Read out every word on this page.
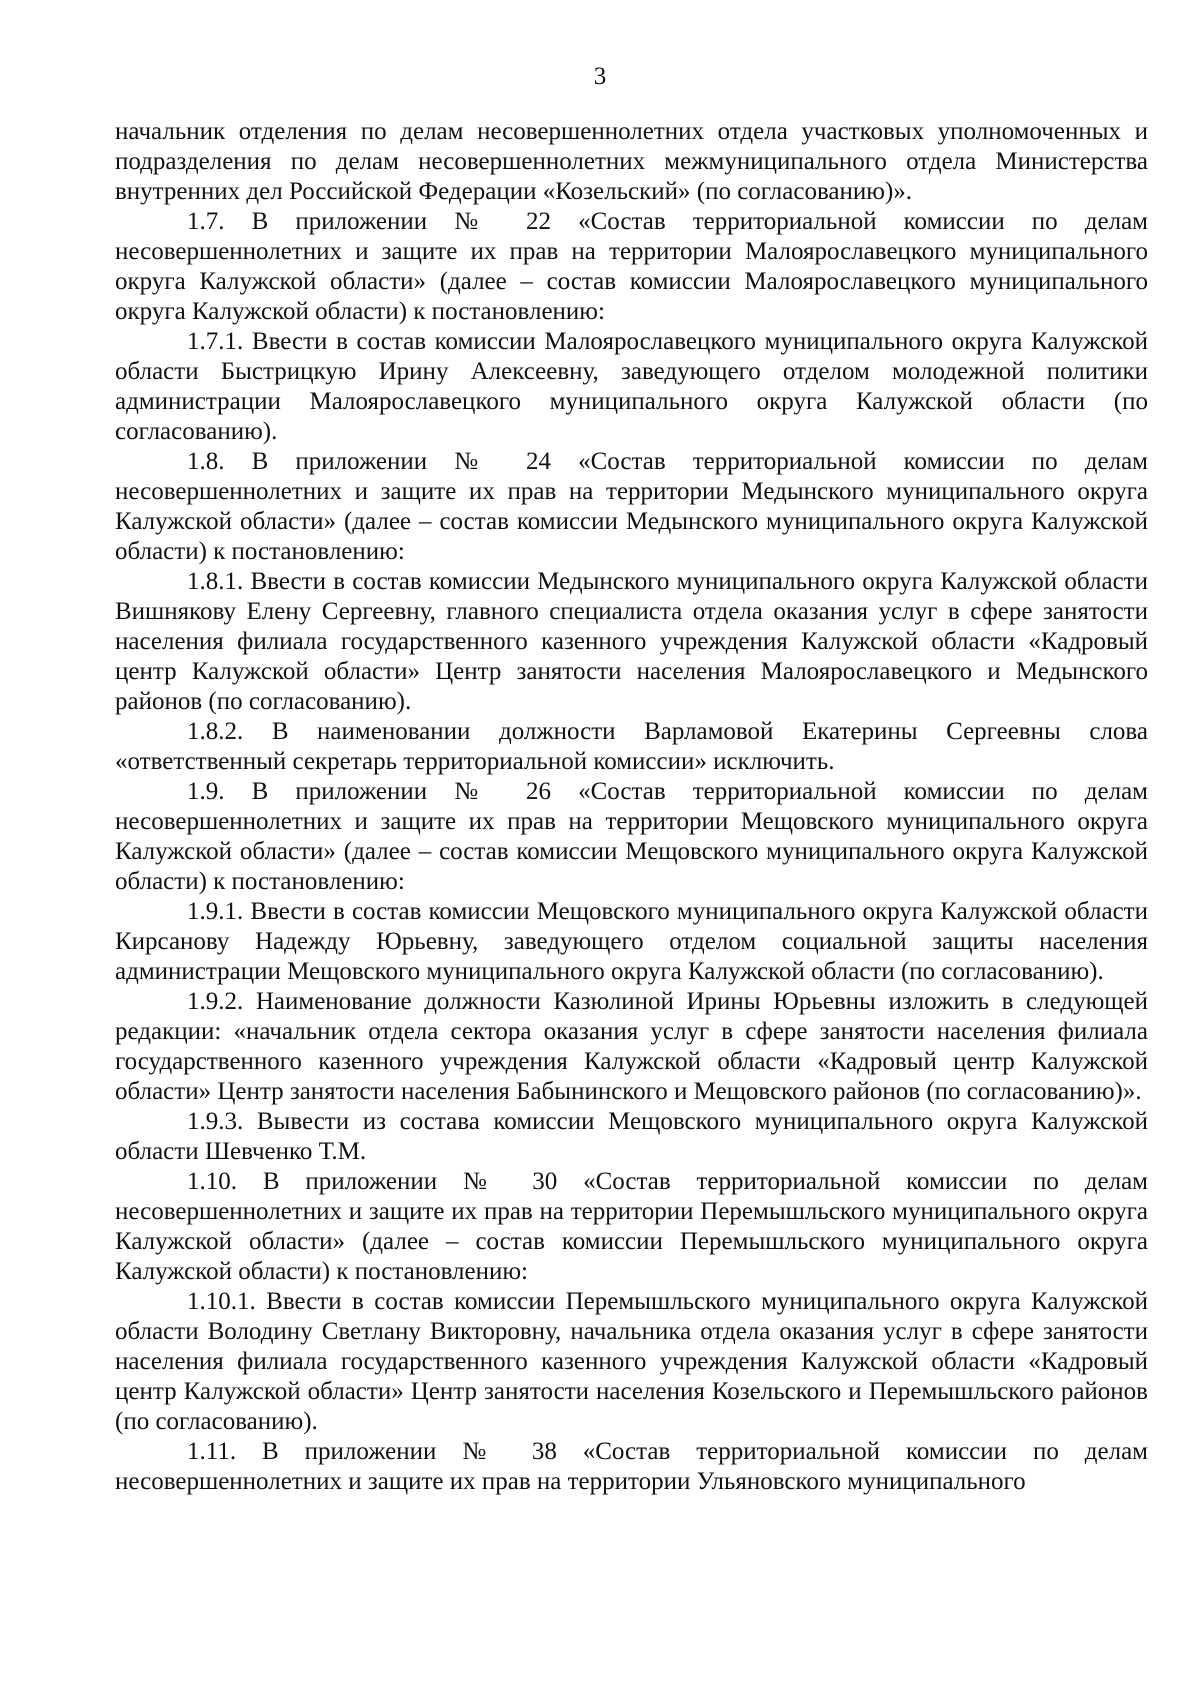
3

начальник отделения по делам несовершеннолетних отдела участковых уполномоченных и подразделения по делам несовершеннолетних межмуниципального отдела Министерства внутренних дел Российской Федерации «Козельский» (по согласованию)».

1.7. В приложении № 22 «Состав территориальной комиссии по делам несовершеннолетних и защите их прав на территории Малоярославецкого муниципального округа Калужской области» (далее – состав комиссии Малоярославецкого муниципального округа Калужской области) к постановлению:

1.7.1. Ввести в состав комиссии Малоярославецкого муниципального округа Калужской области Быстрицкую Ирину Алексеевну, заведующего отделом молодежной политики администрации Малоярославецкого муниципального округа Калужской области (по согласованию).

1.8. В приложении № 24 «Состав территориальной комиссии по делам несовершеннолетних и защите их прав на территории Медынского муниципального округа Калужской области» (далее – состав комиссии Медынского муниципального округа Калужской области) к постановлению:

1.8.1. Ввести в состав комиссии Медынского муниципального округа Калужской области Вишнякову Елену Сергеевну, главного специалиста отдела оказания услуг в сфере занятости населения филиала государственного казенного учреждения Калужской области «Кадровый центр Калужской области» Центр занятости населения Малоярославецкого и Медынского районов (по согласованию).

1.8.2. В наименовании должности Варламовой Екатерины Сергеевны слова «ответственный секретарь территориальной комиссии» исключить.

1.9. В приложении № 26 «Состав территориальной комиссии по делам несовершеннолетних и защите их прав на территории Мещовского муниципального округа Калужской области» (далее – состав комиссии Мещовского муниципального округа Калужской области) к постановлению:

1.9.1. Ввести в состав комиссии Мещовского муниципального округа Калужской области Кирсанову Надежду Юрьевну, заведующего отделом социальной защиты населения администрации Мещовского муниципального округа Калужской области (по согласованию).

1.9.2. Наименование должности Казюлиной Ирины Юрьевны изложить в следующей редакции: «начальник отдела сектора оказания услуг в сфере занятости населения филиала государственного казенного учреждения Калужской области «Кадровый центр Калужской области» Центр занятости населения Бабынинского и Мещовского районов (по согласованию)».

1.9.3. Вывести из состава комиссии Мещовского муниципального округа Калужской области Шевченко Т.М.

1.10. В приложении № 30 «Состав территориальной комиссии по делам несовершеннолетних и защите их прав на территории Перемышльского муниципального округа Калужской области» (далее – состав комиссии Перемышльского муниципального округа Калужской области) к постановлению:

1.10.1. Ввести в состав комиссии Перемышльского муниципального округа Калужской области Володину Светлану Викторовну, начальника отдела оказания услуг в сфере занятости населения филиала государственного казенного учреждения Калужской области «Кадровый центр Калужской области» Центр занятости населения Козельского и Перемышльского районов (по согласованию).

1.11. В приложении № 38 «Состав территориальной комиссии по делам несовершеннолетних и защите их прав на территории Ульяновского муниципального
